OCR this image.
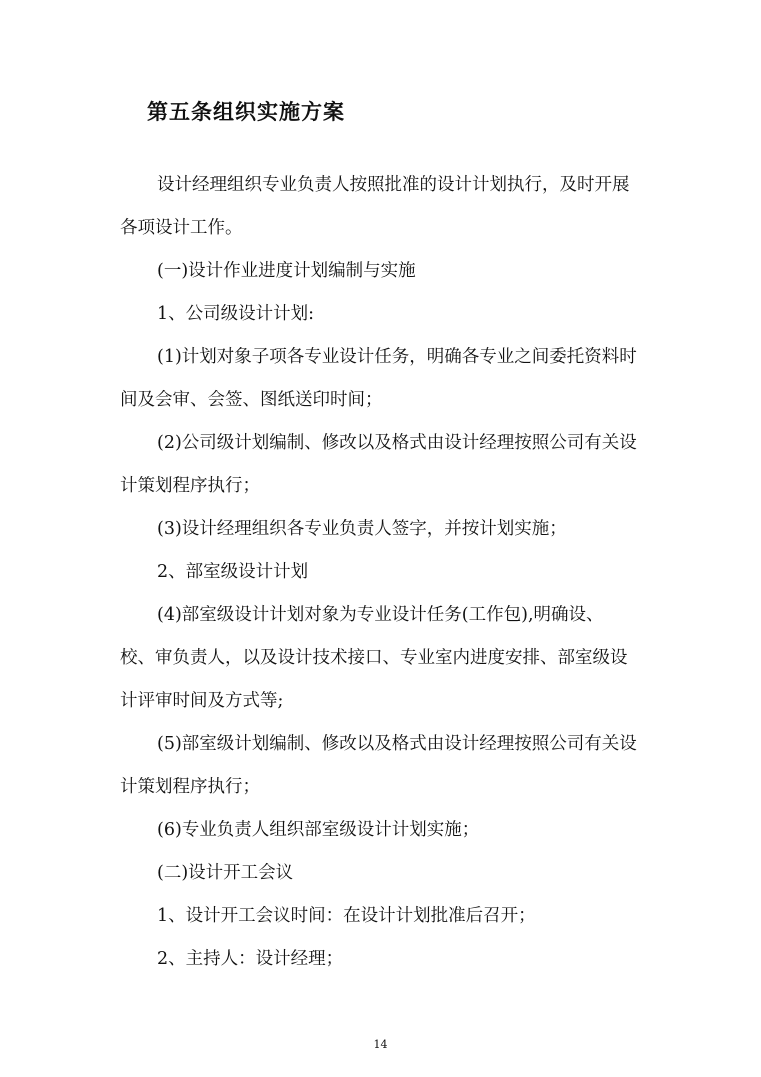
第五条组织实施方案

设计经理组织专业负责人按照批准的设计计划执行，及时开展各项设计工作。

(一)设计作业进度计划编制与实施

1、公司级设计计划:

(1)计划对象子项各专业设计任务，明确各专业之间委托资料时间及会审、会签、图纸送印时间；

(2)公司级计划编制、修改以及格式由设计经理按照公司有关设计策划程序执行；

(3)设计经理组织各专业负责人签字，并按计划实施；

2、部室级设计计划

(4)部室级设计计划对象为专业设计任务(工作包),明确设、校、审负责人，以及设计技术接口、专业室内进度安排、部室级设计评审时间及方式等;

(5)部室级计划编制、修改以及格式由设计经理按照公司有关设计策划程序执行；

(6)专业负责人组织部室级设计计划实施；

(二)设计开工会议

1、设计开工会议时间：在设计计划批准后召开；

2、主持人：设计经理；

14
